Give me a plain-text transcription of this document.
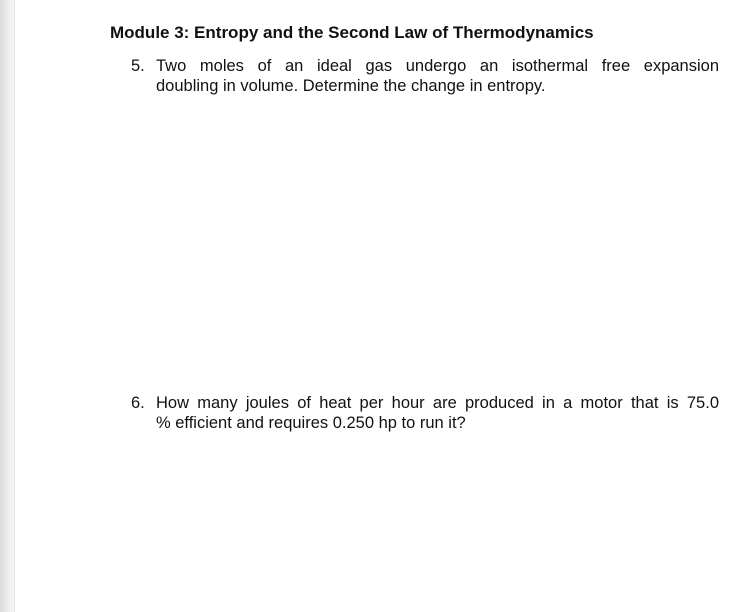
Module 3: Entropy and the Second Law of Thermodynamics
5. Two moles of an ideal gas undergo an isothermal free expansion
doubling in volume. Determine the change in entropy.
6. How many joules of heat per hour are produced in a motor that is 75.0
% efficient and requires 0.250 hp to run it?
